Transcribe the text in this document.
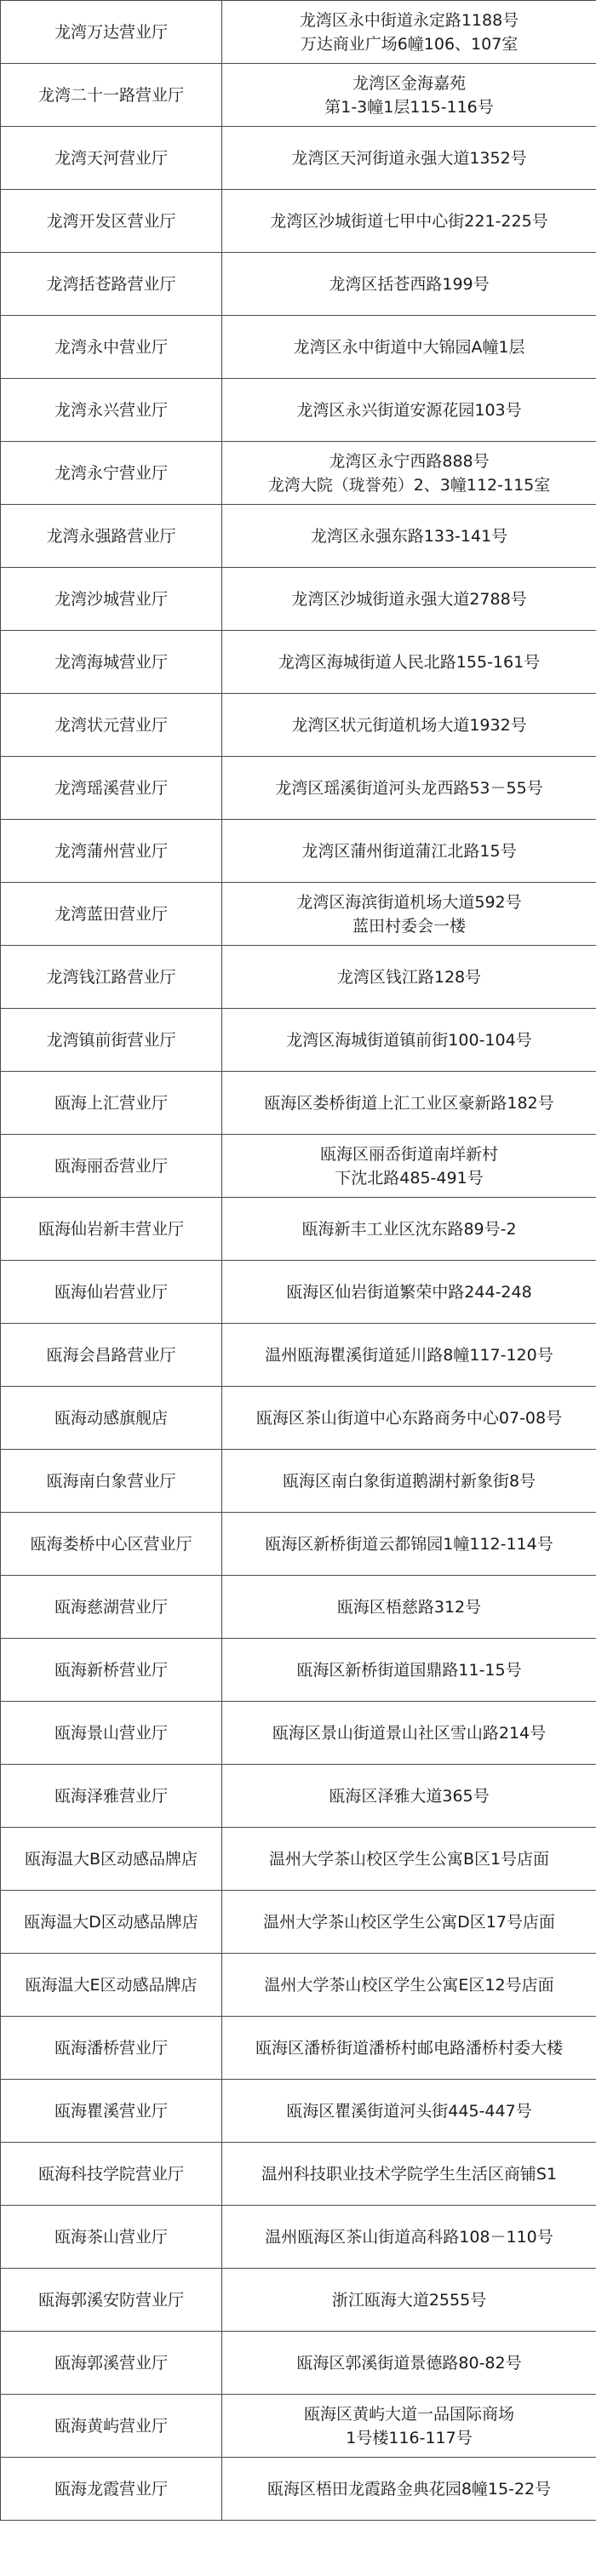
龙湾万达营业厅	龙湾区永中街道永定路1188号
万达商业广场6幢106、107室

龙湾二十一路营业厅	龙湾区金海嘉苑
第1-3幢1层115-116号

龙湾天河营业厅	龙湾区天河街道永强大道1352号

龙湾开发区营业厅	龙湾区沙城街道七甲中心街221-225号

龙湾括苍路营业厅	龙湾区括苍西路199号

龙湾永中营业厅	龙湾区永中街道中大锦园A幢1层

龙湾永兴营业厅	龙湾区永兴街道安源花园103号

龙湾永宁营业厅	龙湾区永宁西路888号
龙湾大院（珑誉苑）2、3幢112-115室

龙湾永强路营业厅	龙湾区永强东路133-141号

龙湾沙城营业厅	龙湾区沙城街道永强大道2788号

龙湾海城营业厅	龙湾区海城街道人民北路155-161号

龙湾状元营业厅	龙湾区状元街道机场大道1932号

龙湾瑶溪营业厅	龙湾区瑶溪街道河头龙西路53－55号

龙湾蒲州营业厅	龙湾区蒲州街道蒲江北路15号

龙湾蓝田营业厅	龙湾区海滨街道机场大道592号
蓝田村委会一楼

龙湾钱江路营业厅	龙湾区钱江路128号

龙湾镇前街营业厅	龙湾区海城街道镇前街100-104号

瓯海上汇营业厅	瓯海区娄桥街道上汇工业区豪新路182号

瓯海丽岙营业厅	瓯海区丽岙街道南垟新村
下沈北路485-491号

瓯海仙岩新丰营业厅	瓯海新丰工业区沈东路89号-2

瓯海仙岩营业厅	瓯海区仙岩街道繁荣中路244-248

瓯海会昌路营业厅	温州瓯海瞿溪街道延川路8幢117-120号

瓯海动感旗舰店	瓯海区茶山街道中心东路商务中心07-08号

瓯海南白象营业厅	瓯海区南白象街道鹅湖村新象街8号

瓯海娄桥中心区营业厅	瓯海区新桥街道云都锦园1幢112-114号

瓯海慈湖营业厅	瓯海区梧慈路312号

瓯海新桥营业厅	瓯海区新桥街道国鼎路11-15号

瓯海景山营业厅	瓯海区景山街道景山社区雪山路214号

瓯海泽雅营业厅	瓯海区泽雅大道365号

瓯海温大B区动感品牌店	温州大学茶山校区学生公寓B区1号店面

瓯海温大D区动感品牌店	温州大学茶山校区学生公寓D区17号店面

瓯海温大E区动感品牌店	温州大学茶山校区学生公寓E区12号店面

瓯海潘桥营业厅	瓯海区潘桥街道潘桥村邮电路潘桥村委大楼

瓯海瞿溪营业厅	瓯海区瞿溪街道河头街445-447号

瓯海科技学院营业厅	温州科技职业技术学院学生生活区商铺S1

瓯海茶山营业厅	温州瓯海区茶山街道高科路108－110号

瓯海郭溪安防营业厅	浙江瓯海大道2555号

瓯海郭溪营业厅	瓯海区郭溪街道景德路80-82号

瓯海黄屿营业厅	瓯海区黄屿大道一品国际商场
1号楼116-117号

瓯海龙霞营业厅	瓯海区梧田龙霞路金典花园8幢15-22号
